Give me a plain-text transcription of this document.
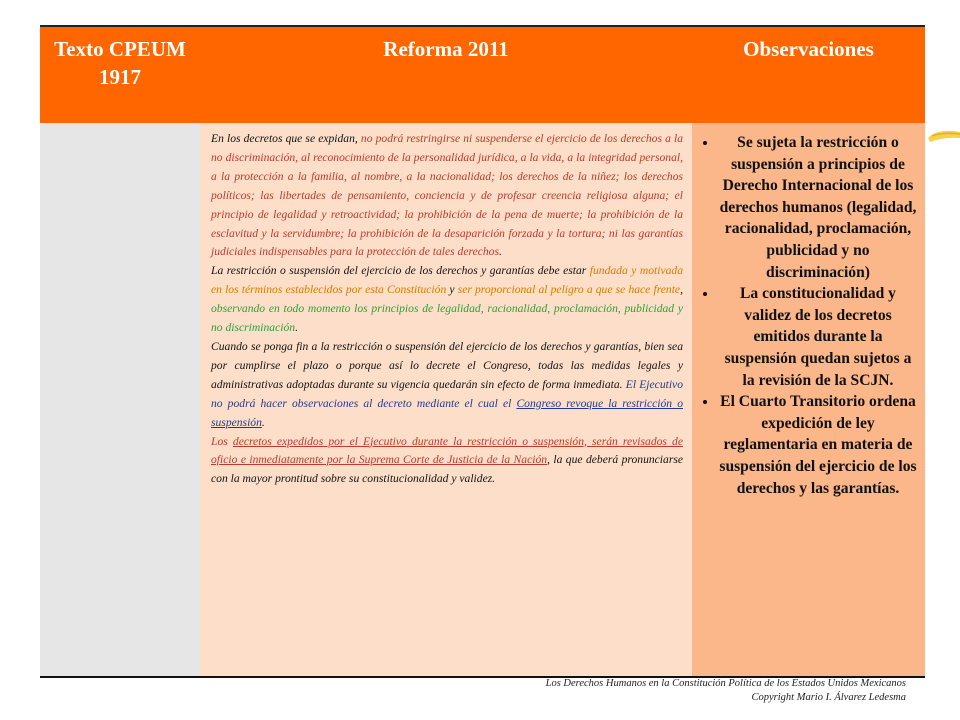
Texto CPEUM 1917
Reforma 2011	Observaciones

En los decretos que se expidan, no podrá restringirse ni suspenderse el ejercicio de los derechos a la no discriminación, al reconocimiento de la personalidad jurídica, a la vida, a la integridad personal, a la protección a la familia, al nombre, a la nacionalidad; los derechos de la niñez; los derechos políticos; las libertades de pensamiento, conciencia y de profesar creencia religiosa alguna; el principio de legalidad y retroactividad; la prohibición de la pena de muerte; la prohibición de la esclavitud y la servidumbre; la prohibición de la desaparición forzada y la tortura; ni las garantías judiciales indispensables para la protección de tales derechos.

La restricción o suspensión del ejercicio de los derechos y garantías debe estar fundada y motivada en los términos establecidos por esta Constitución y ser proporcional al peligro a que se hace frente, observando en todo momento los principios de legalidad, racionalidad, proclamación, publicidad y no discriminación.

Cuando se ponga fin a la restricción o suspensión del ejercicio de los derechos y garantías, bien sea por cumplirse el plazo o porque así lo decrete el Congreso, todas las medidas legales y administrativas adoptadas durante su vigencia quedarán sin efecto de forma inmediata. El Ejecutivo no podrá hacer observaciones al decreto mediante el cual el Congreso revoque la restricción o suspensión.

Los decretos expedidos por el Ejecutivo durante la restricción o suspensión, serán revisados de oficio e inmediatamente por la Suprema Corte de Justicia de la Nación, la que deberá pronunciarse con la mayor prontitud sobre su constitucionalidad y validez.

• Se sujeta la restricción o suspensión a principios de Derecho Internacional de los derechos humanos (legalidad, racionalidad, proclamación, publicidad y no discriminación)
• La constitucionalidad y validez de los decretos emitidos durante la suspensión quedan sujetos a la revisión de la SCJN.
• El Cuarto Transitorio ordena expedición de ley reglamentaria en materia de suspensión del ejercicio de los derechos y las garantías.
Los Derechos Humanos en la Constitución Política de los Estados Unidos Mexicanos
Copyright Mario I. Álvarez Ledesma
